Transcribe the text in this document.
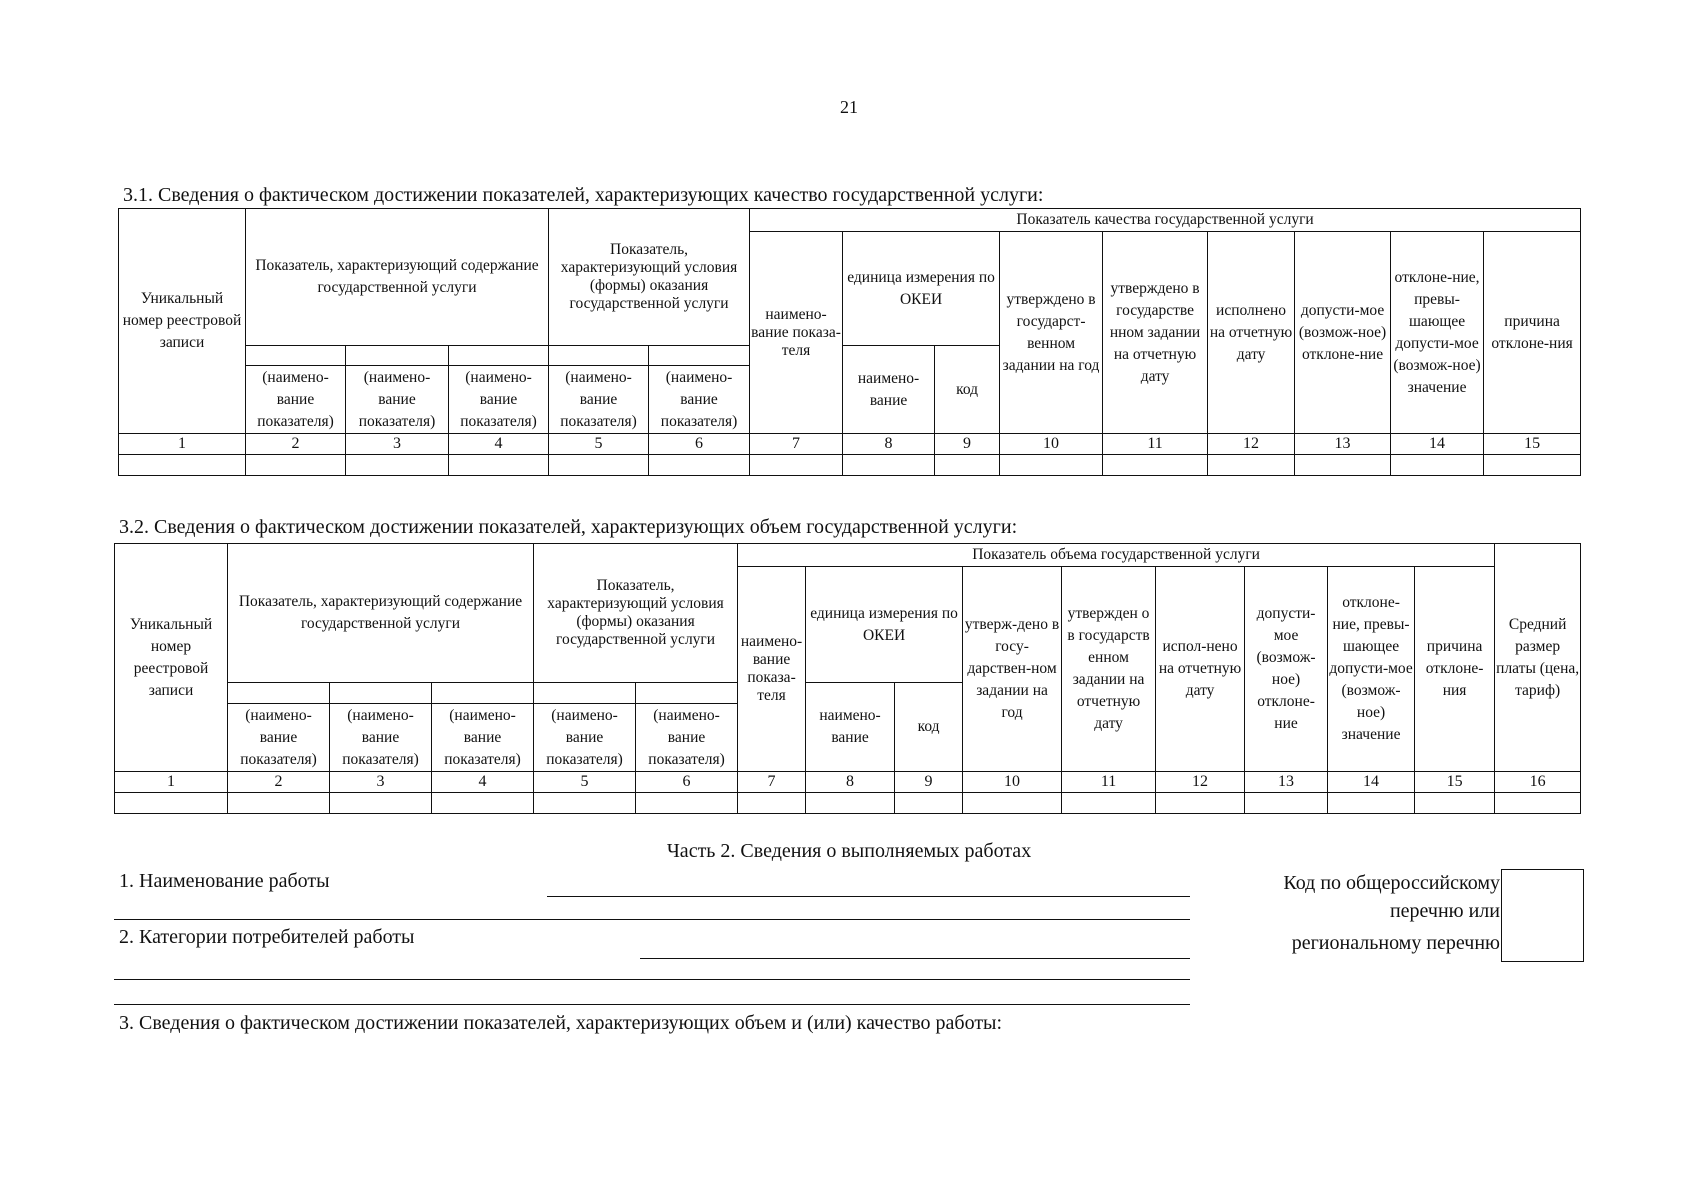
21
3.1. Сведения о фактическом достижении показателей, характеризующих качество государственной услуги:
Уникальный номер реестровой записи	Показатель, характеризующий содержание государственной услуги			Показатель, характеризующий условия (формы) оказания государственной услуги		Показатель качества государственной услуги								
						наимено-вание показа-теля	единица измерения по ОКЕИ		утверждено в государст-венном задании на год	утверждено в государстве нном задании на отчетную дату	исполнено на отчетную дату	допусти-мое (возмож-ное) отклоне-ние	отклоне-ние, превы-шающее допусти-мое (возмож-ное) значение	причина отклоне-ния
							наимено-вание	код						
	(наимено-вание показателя)	(наимено-вание показателя)	(наимено-вание показателя)	(наимено-вание показателя)	(наимено-вание показателя)									
1	2	3	4	5	6	7	8	9	10	11	12	13	14	15

3.2. Сведения о фактическом достижении показателей, характеризующих объем государственной услуги:
Уникальный номер реестровой записи	Показатель, характеризующий содержание государственной услуги			Показатель, характеризующий условия (формы) оказания государственной услуги		Показатель объема государственной услуги									Средний размер платы (цена, тариф)
						наимено-вание показа-теля	единица измерения по ОКЕИ		утверж-дено в госу-дарствен-ном задании на год	утвержден о в государств енном задании на отчетную дату	испол-нено на отчетную дату	допусти-мое (возмож-ное) отклоне-ние	отклоне-ние, превы-шающее допусти-мое (возмож-ное) значение	причина отклоне-ния	
							наимено-вание	код							
	(наимено-вание показателя)	(наимено-вание показателя)	(наимено-вание показателя)	(наимено-вание показателя)	(наимено-вание показателя)										
1	2	3	4	5	6	7	8	9	10	11	12	13	14	15	16

Часть 2. Сведения о выполняемых работах
1. Наименование работы
2. Категории потребителей работы
Код по общероссийскому
перечню или
региональному перечню
3. Сведения о фактическом достижении показателей, характеризующих объем и (или) качество работы:
